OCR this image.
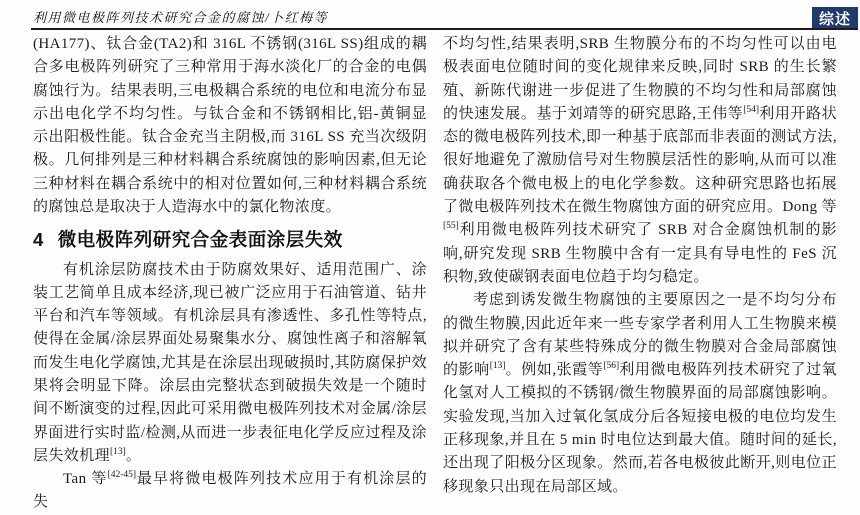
利用微电极阵列技术研究合金的腐蚀/卜红梅等	综述

(HA177)、钛合金(TA2)和 316L 不锈钢(316L SS)组成的耦合多电极阵列研究了三种常用于海水淡化厂的合金的电偶腐蚀行为。结果表明,三电极耦合系统的电位和电流分布显示出电化学不均匀性。与钛合金和不锈钢相比,铝-黄铜显示出阳极性能。钛合金充当主阴极,而 316L SS 充当次级阴极。几何排列是三种材料耦合系统腐蚀的影响因素,但无论三种材料在耦合系统中的相对位置如何,三种材料耦合系统的腐蚀总是取决于人造海水中的氯化物浓度。

4 微电极阵列研究合金表面涂层失效

有机涂层防腐技术由于防腐效果好、适用范围广、涂装工艺简单且成本经济,现已被广泛应用于石油管道、钻井平台和汽车等领域。有机涂层具有渗透性、多孔性等特点,使得在金属/涂层界面处易聚集水分、腐蚀性离子和溶解氧而发生电化学腐蚀,尤其是在涂层出现破损时,其防腐保护效果将会明显下降。涂层由完整状态到破损失效是一个随时间不断演变的过程,因此可采用微电极阵列技术对金属/涂层界面进行实时监/检测,从而进一步表征电化学反应过程及涂层失效机理[13]。

Tan 等[42-45]最早将微电极阵列技术应用于有机涂层的失

不均匀性,结果表明,SRB 生物膜分布的不均匀性可以由电极表面电位随时间的变化规律来反映,同时 SRB 的生长繁殖、新陈代谢进一步促进了生物膜的不均匀性和局部腐蚀的快速发展。基于刘靖等的研究思路,王伟等[54]利用开路状态的微电极阵列技术,即一种基于底部而非表面的测试方法,很好地避免了激励信号对生物膜层活性的影响,从而可以准确获取各个微电极上的电化学参数。这种研究思路也拓展了微电极阵列技术在微生物腐蚀方面的研究应用。Dong 等[55]利用微电极阵列技术研究了 SRB 对合金腐蚀机制的影响,研究发现 SRB 生物膜中含有一定具有导电性的 FeS 沉积物,致使碳钢表面电位趋于均匀稳定。

考虑到诱发微生物腐蚀的主要原因之一是不均匀分布的微生物膜,因此近年来一些专家学者利用人工生物膜来模拟并研究了含有某些特殊成分的微生物膜对合金局部腐蚀的影响[13]。例如,张霞等[56]利用微电极阵列技术研究了过氧化氢对人工模拟的不锈钢/微生物膜界面的局部腐蚀影响。实验发现,当加入过氧化氢成分后各短接电极的电位均发生正移现象,并且在 5 min 时电位达到最大值。随时间的延长,还出现了阳极分区现象。然而,若各电极彼此断开,则电位正移现象只出现在局部区域。
